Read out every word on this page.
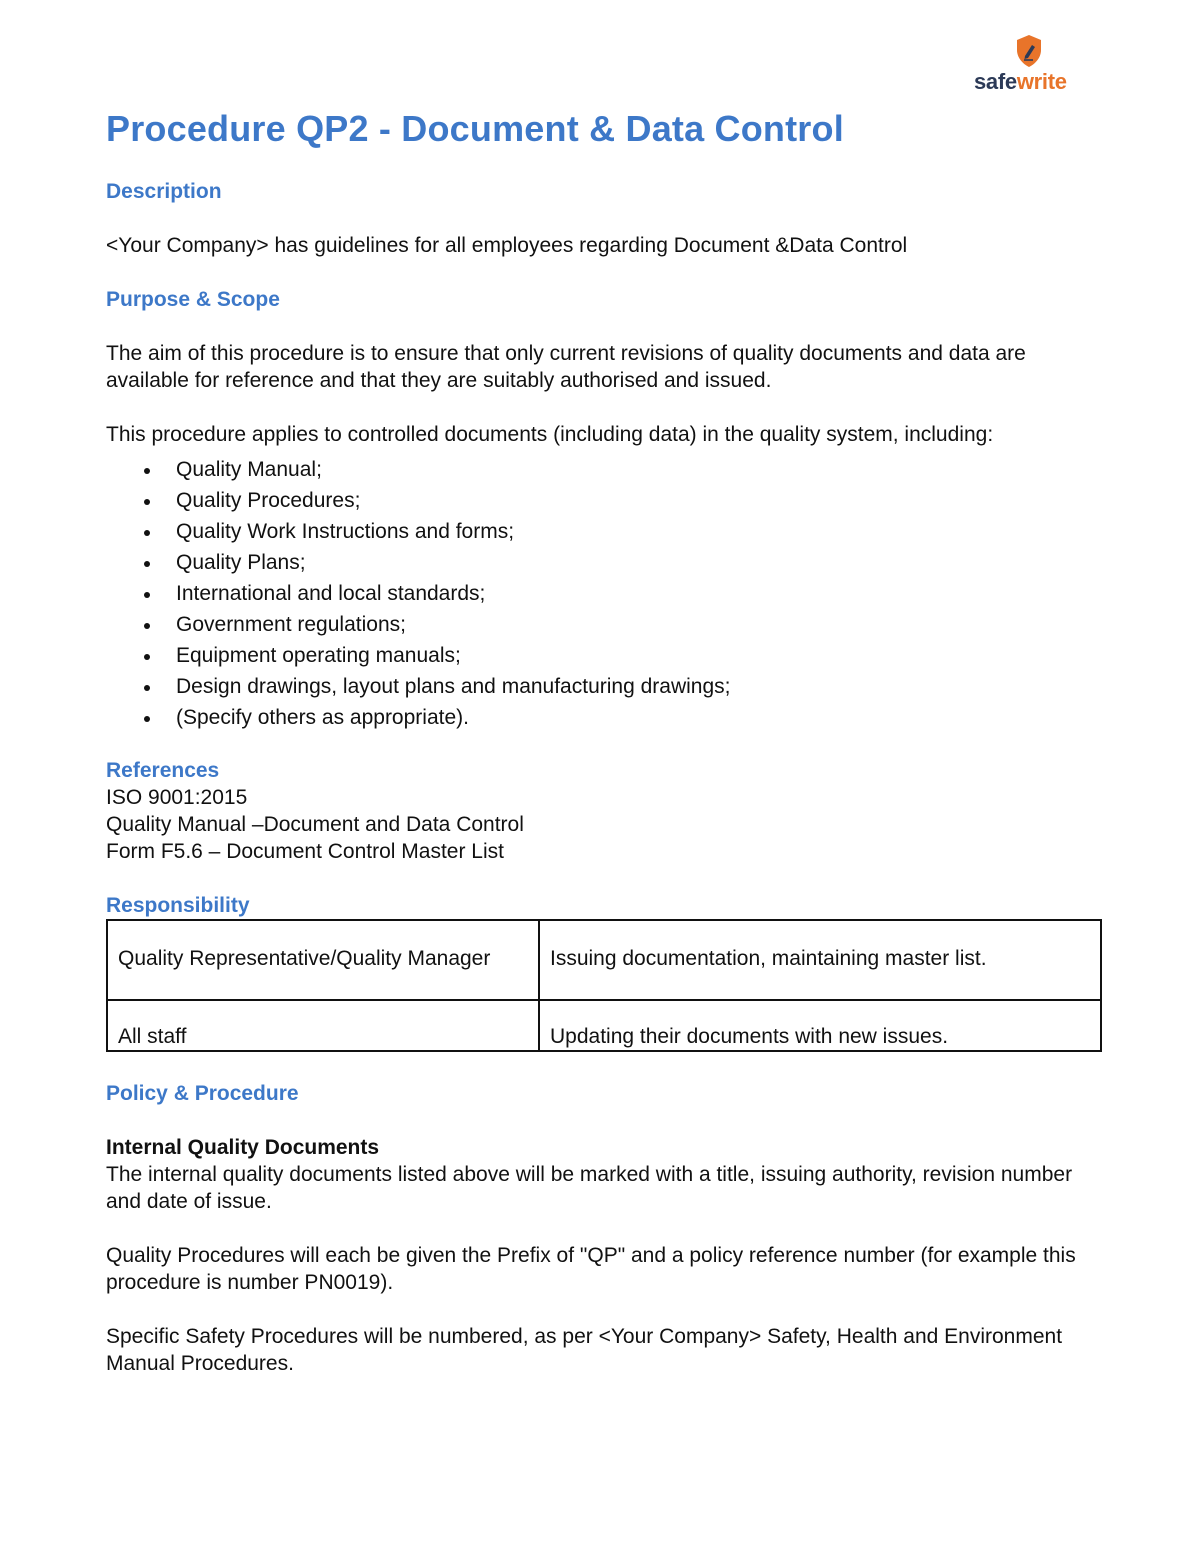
safewrite
Procedure QP2 - Document & Data Control

Description

<Your Company> has guidelines for all employees regarding Document &Data Control

Purpose & Scope

The aim of this procedure is to ensure that only current revisions of quality documents and data are available for reference and that they are suitably authorised and issued.

This procedure applies to controlled documents (including data) in the quality system, including:

Quality Manual;
Quality Procedures;
Quality Work Instructions and forms;
Quality Plans;
International and local standards;
Government regulations;
Equipment operating manuals;
Design drawings, layout plans and manufacturing drawings;
(Specify others as appropriate).

References

ISO 9001:2015

Quality Manual –Document and Data Control

Form F5.6 – Document Control Master List

Responsibility

Quality Representative/Quality Manager	Issuing documentation, maintaining master list.
All staff	Updating their documents with new issues.

Policy & Procedure

Internal Quality Documents

The internal quality documents listed above will be marked with a title, issuing authority, revision number and date of issue.

Quality Procedures will each be given the Prefix of "QP" and a policy reference number (for example this procedure is number PN0019).

Specific Safety Procedures will be numbered, as per <Your Company> Safety, Health and Environment Manual Procedures.
